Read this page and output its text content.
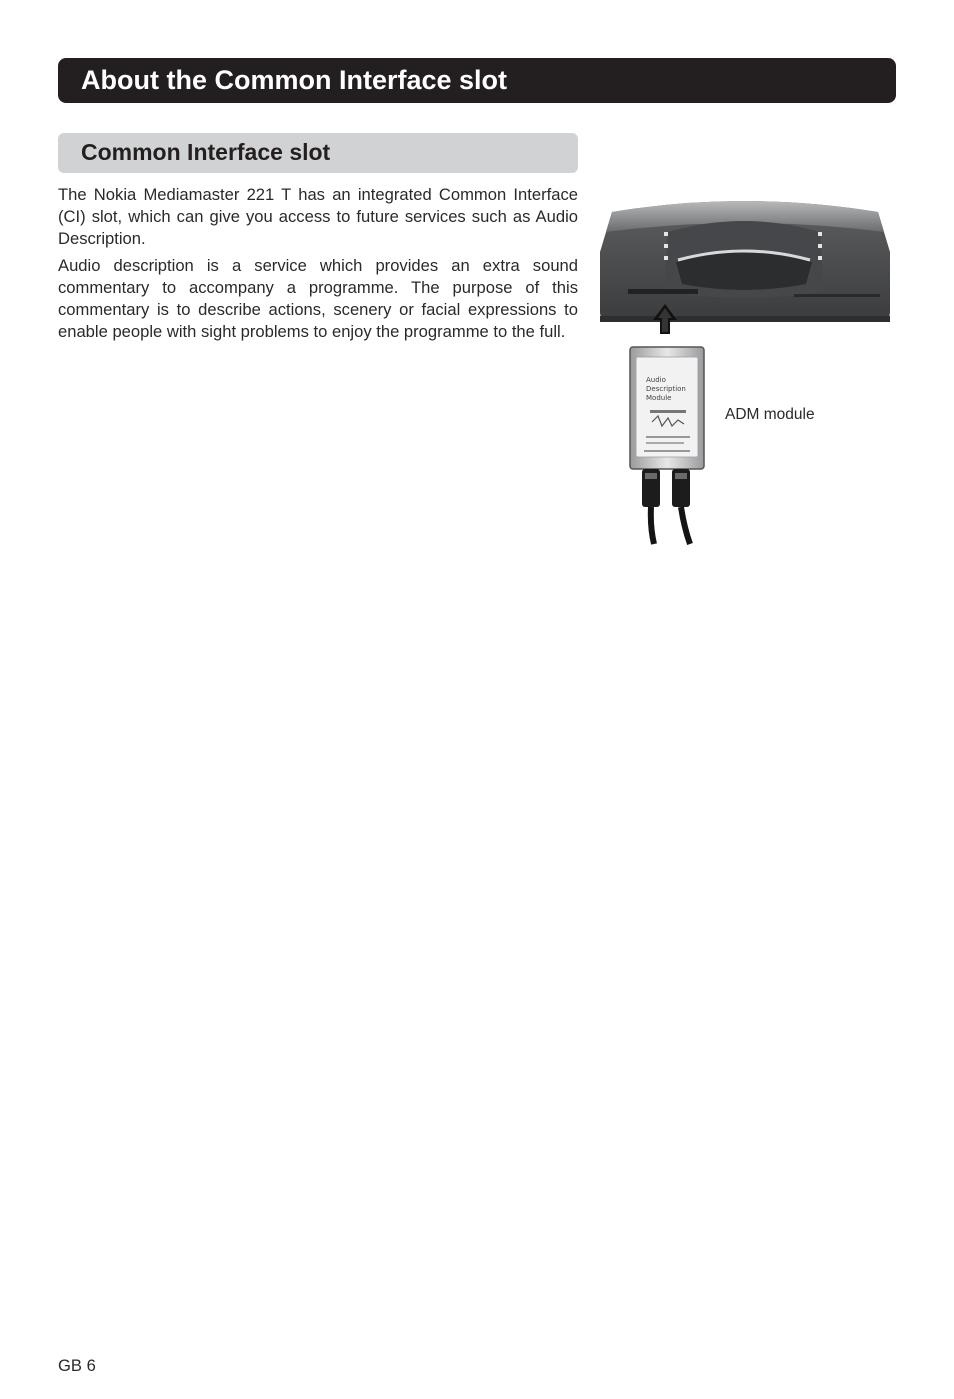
About the Common Interface slot
Common Interface slot

The Nokia Mediamaster 221 T has an integrated Common Interface (CI) slot, which can give you access to future services such as Audio Description.

Audio description is a service which provides an extra sound commentary to accompany a programme. The purpose of this commentary is to describe actions, scenery or facial expressions to enable people with sight problems to enjoy the programme to the full.

Audio
Description
Module
ADM module
GB 6
